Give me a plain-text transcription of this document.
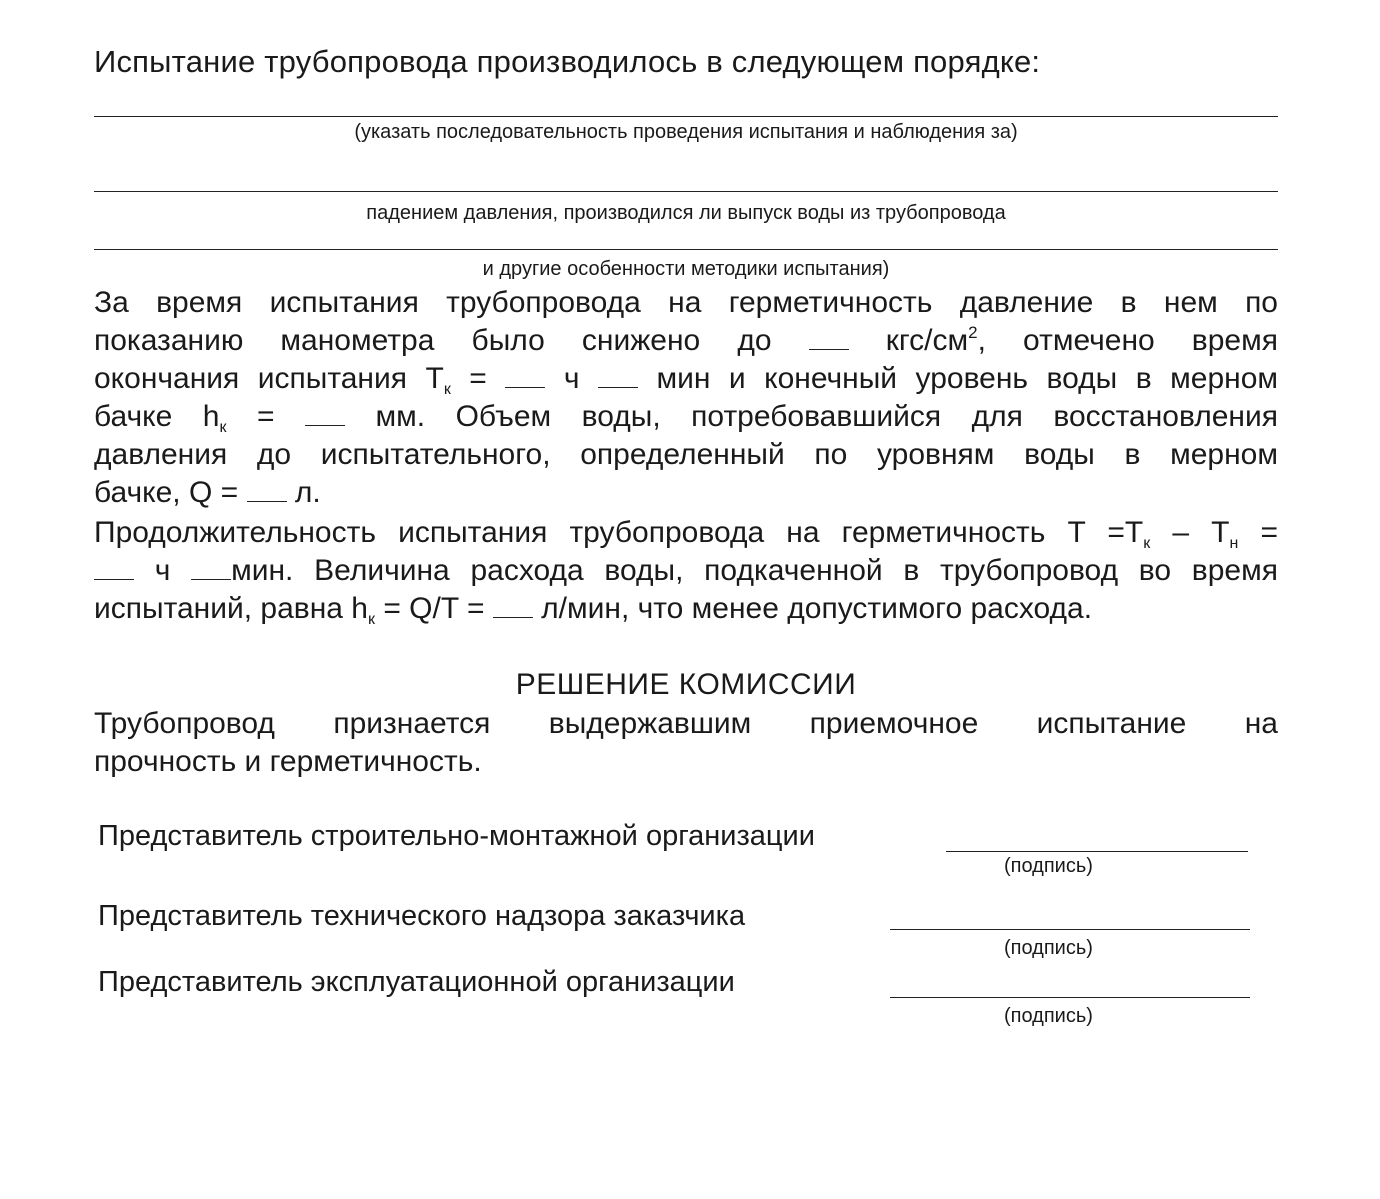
Испытание трубопровода производилось в следующем порядке:
(указать последовательность проведения испытания и наблюдения за)
падением давления, производился ли выпуск воды из трубопровода
и другие особенности методики испытания)
За время испытания трубопровода на герметичность давление в нем по
показанию манометра было снижено до	кгс/$см^2$, отмечено время
окончания испытания $T_к$ =	ч	мин и конечный уровень воды в мерном
бачке $h_к$ =	мм. Объем воды, потребовавшийся для восстановления
давления до испытательного, определенный по уровням воды в мерном
бачке, Q = л.
Продолжительность испытания трубопровода на герметичность $T =T_к - T_н$ =
ч мин. Величина расхода воды, подкаченной в трубопровод во время
испытаний, равна $h_к = Q/T = л/мин$, что менее допустимого расхода.
РЕШЕНИЕ КОМИССИИ
Трубопровод признается выдержавшим приемочное испытание на
прочность и герметичность.
Представитель строительно-монтажной организации
(подпись)
Представитель технического надзора заказчика
(подпись)
Представитель эксплуатационной организации
(подпись)
